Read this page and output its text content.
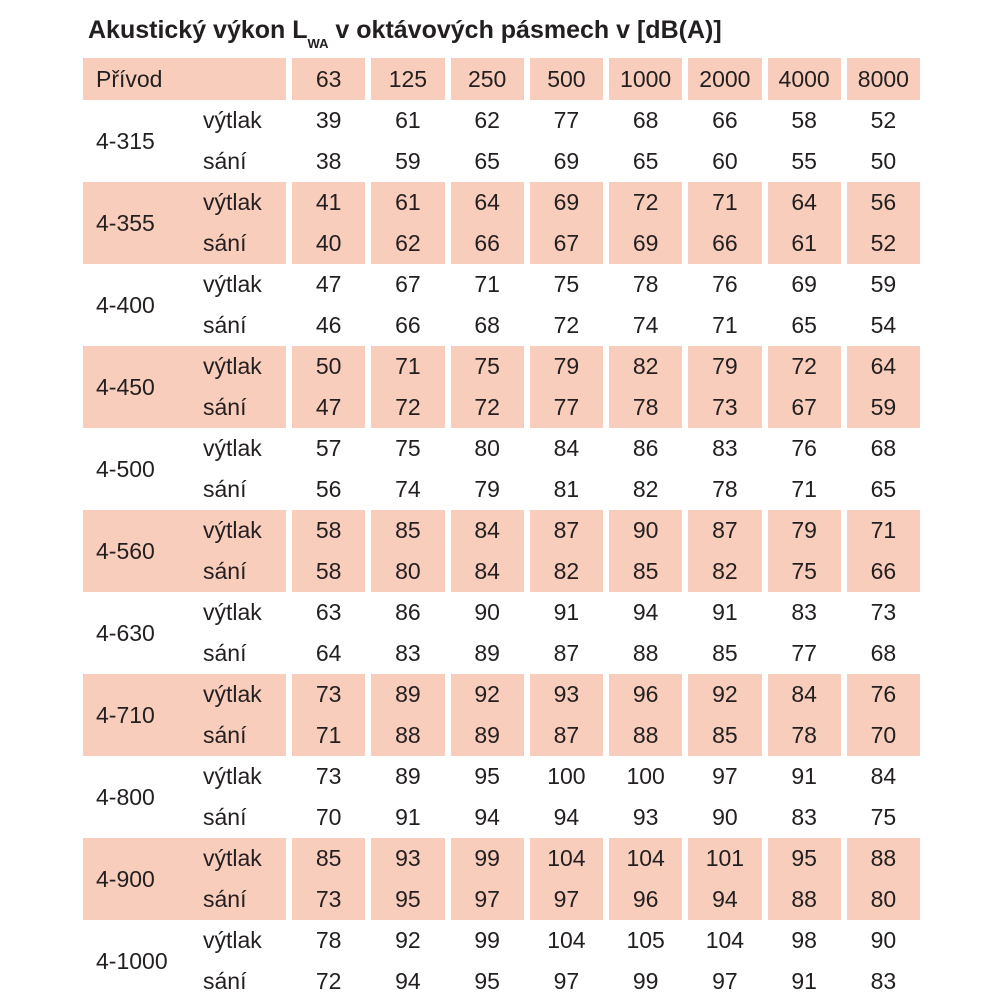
Akustický výkon $L_{WA}$ v oktávových pásmech v [dB(A)]
Přívod	63	125	250	500	1000	2000	4000	8000
4-315
výtlak	39	61	62	77	68	66	58	52
sání	38	59	65	69	65	60	55	50
4-355
výtlak	41	61	64	69	72	71	64	56
sání	40	62	66	67	69	66	61	52
4-400
výtlak	47	67	71	75	78	76	69	59
sání	46	66	68	72	74	71	65	54
4-450
výtlak	50	71	75	79	82	79	72	64
sání	47	72	72	77	78	73	67	59
4-500
výtlak	57	75	80	84	86	83	76	68
sání	56	74	79	81	82	78	71	65
4-560
výtlak	58	85	84	87	90	87	79	71
sání	58	80	84	82	85	82	75	66
4-630
výtlak	63	86	90	91	94	91	83	73
sání	64	83	89	87	88	85	77	68
4-710
výtlak	73	89	92	93	96	92	84	76
sání	71	88	89	87	88	85	78	70
4-800
výtlak	73	89	95	100	100	97	91	84
sání	70	91	94	94	93	90	83	75
4-900
výtlak	85	93	99	104	104	101	95	88
sání	73	95	97	97	96	94	88	80
4-1000
výtlak	78	92	99	104	105	104	98	90
sání	72	94	95	97	99	97	91	83
